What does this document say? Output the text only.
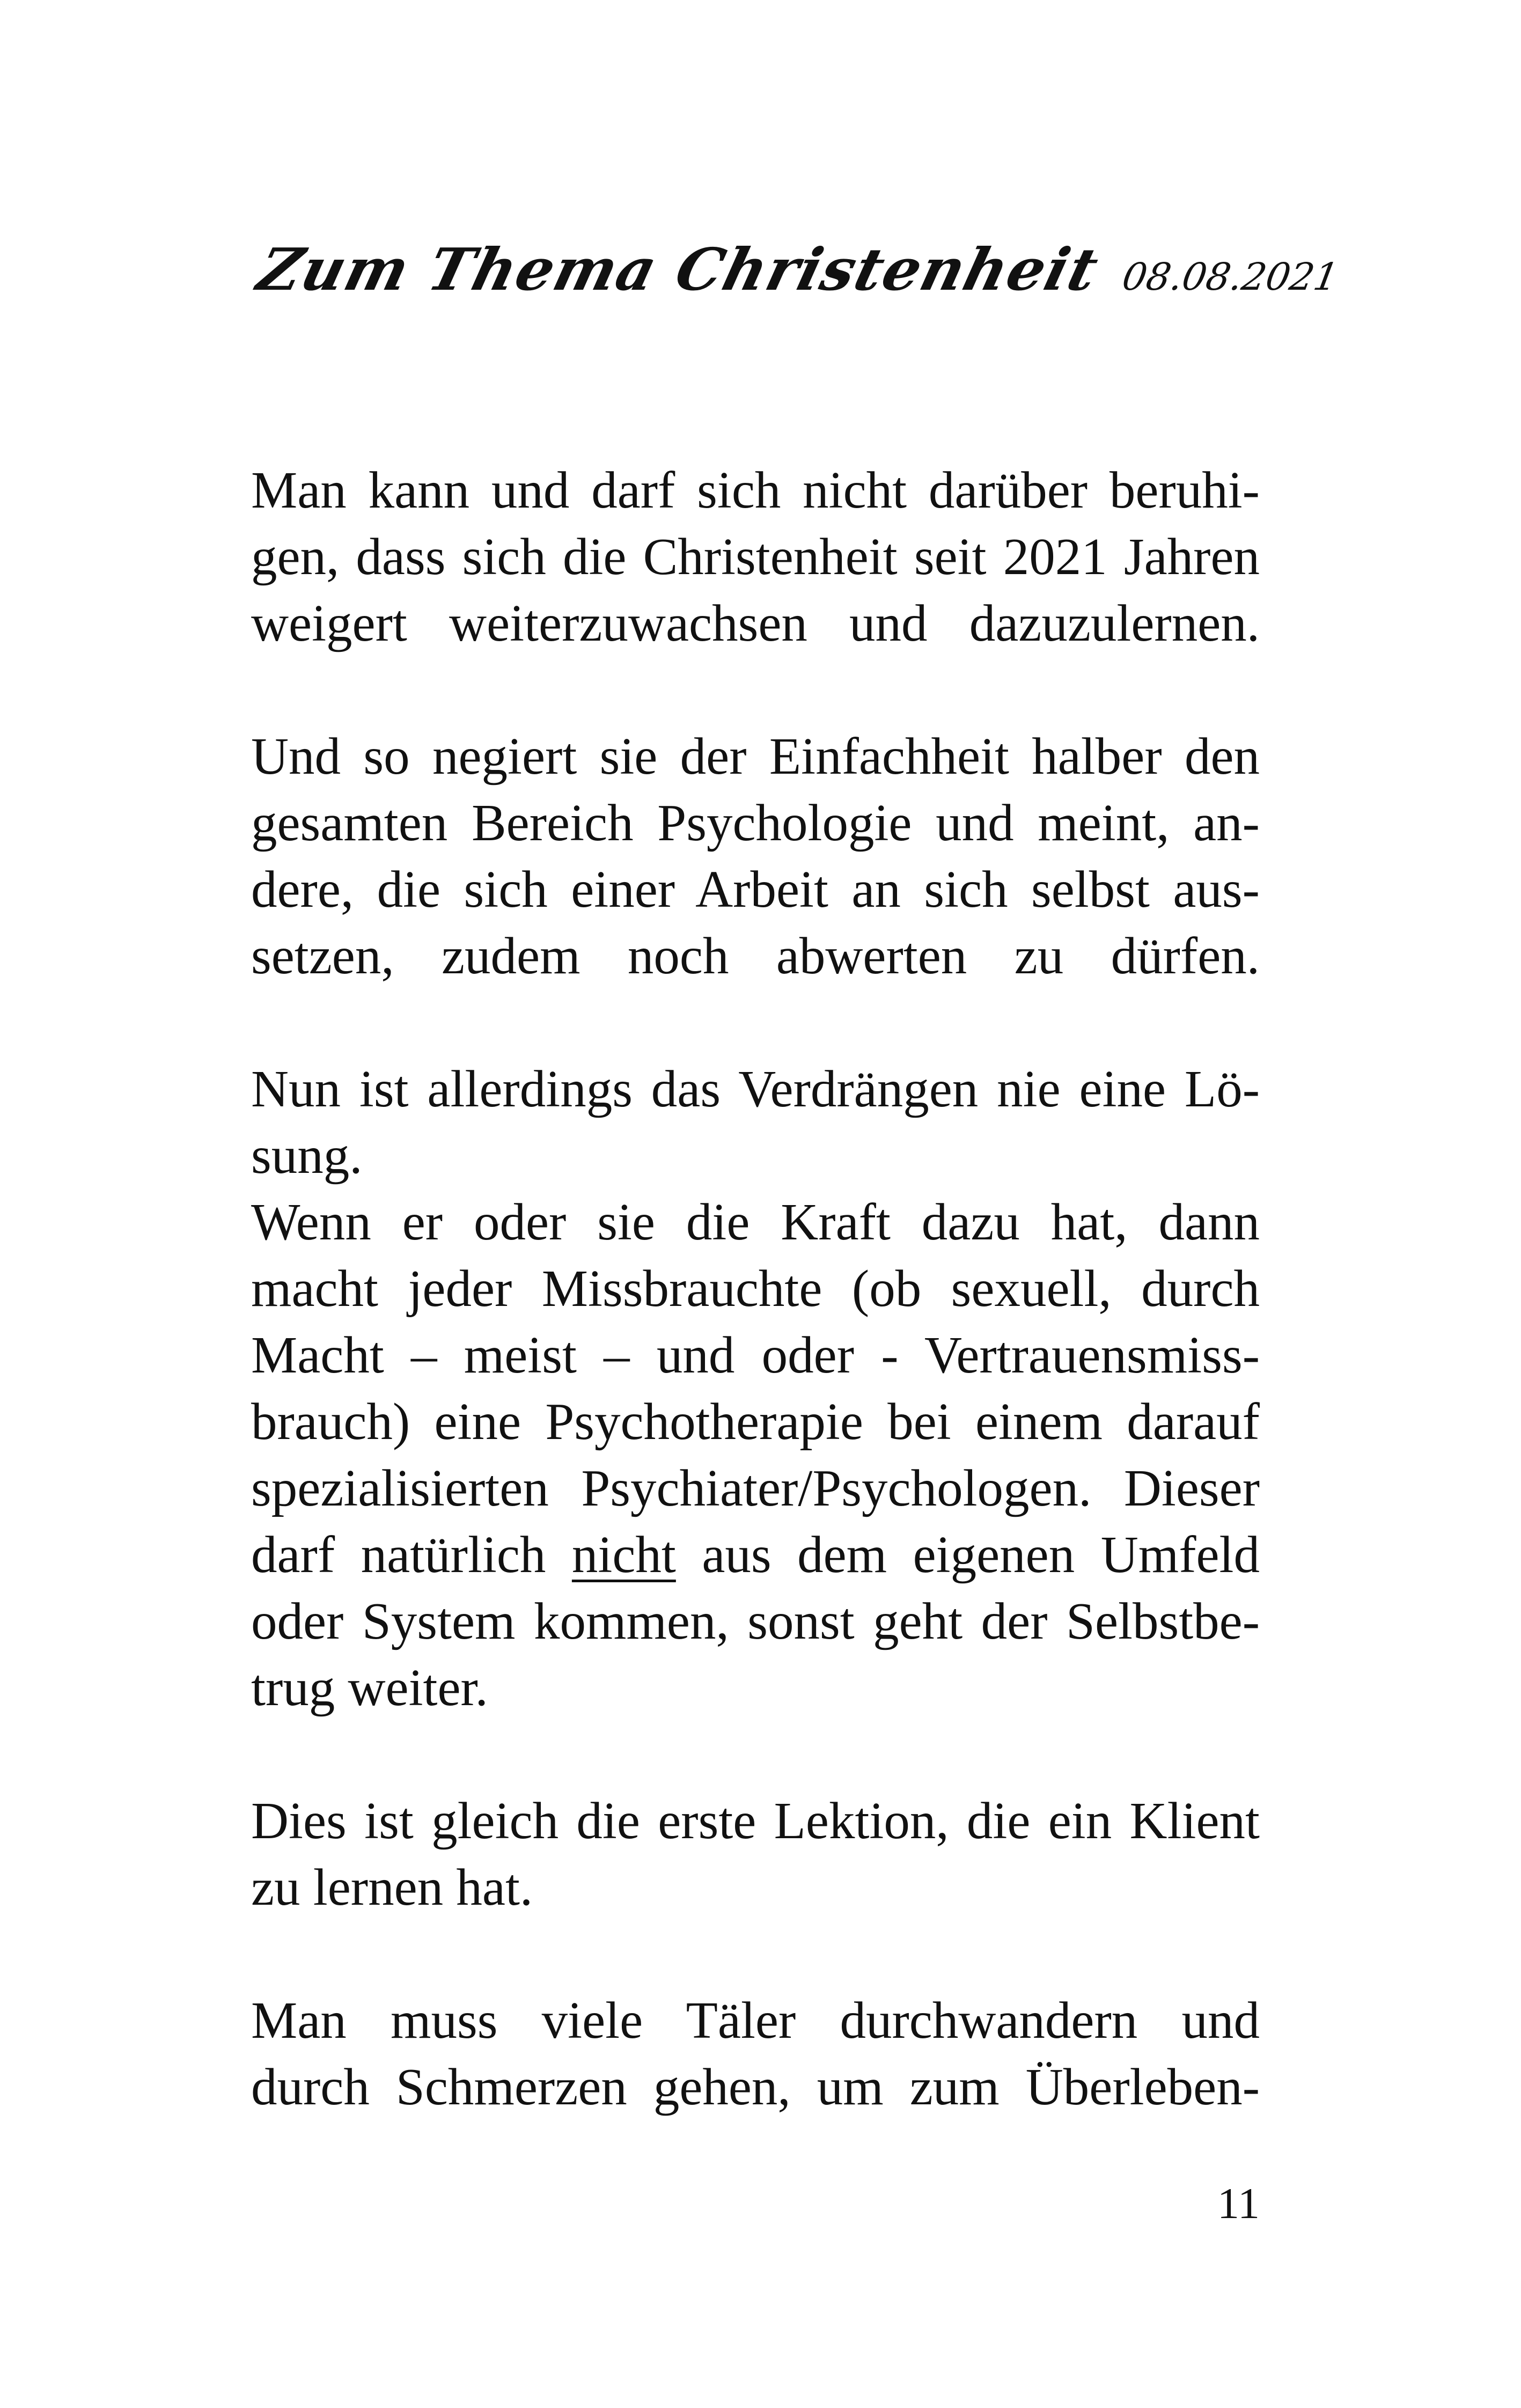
Zum Thema Christenheit 08.08.2021
Man kann und darf sich nicht darüber beruhi-
gen, dass sich die Christenheit seit 2021 Jahren
weigert weiterzuwachsen und dazuzulernen.
Und so negiert sie der Einfachheit halber den
gesamten Bereich Psychologie und meint, an-
dere, die sich einer Arbeit an sich selbst aus-
setzen, zudem noch abwerten zu dürfen.
Nun ist allerdings das Verdrängen nie eine Lö-
sung.
Wenn er oder sie die Kraft dazu hat, dann
macht jeder Missbrauchte (ob sexuell, durch
Macht – meist – und oder - Vertrauensmiss-
brauch) eine Psychotherapie bei einem darauf
spezialisierten Psychiater/Psychologen. Dieser
darf natürlich nicht aus dem eigenen Umfeld
oder System kommen, sonst geht der Selbstbe-
trug weiter.
Dies ist gleich die erste Lektion, die ein Klient
zu lernen hat.
Man muss viele Täler durchwandern und
durch Schmerzen gehen, um zum Überleben-
11
